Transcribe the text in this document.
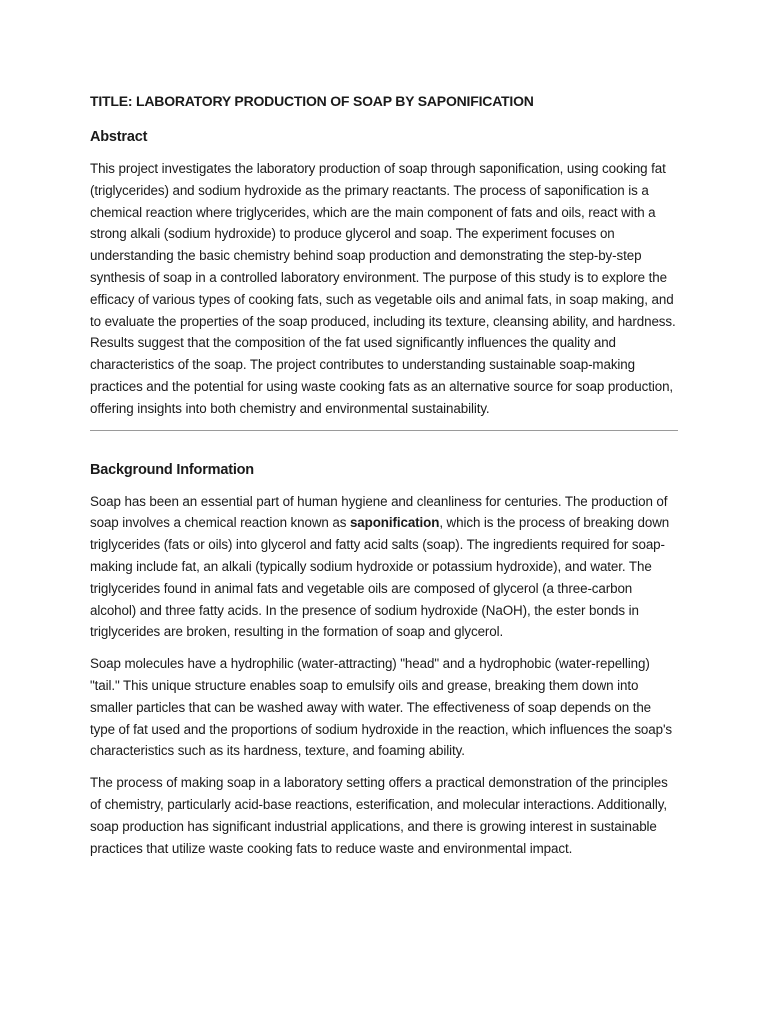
TITLE: LABORATORY PRODUCTION OF SOAP BY SAPONIFICATION
Abstract

This project investigates the laboratory production of soap through saponification, using cooking fat (triglycerides) and sodium hydroxide as the primary reactants. The process of saponification is a chemical reaction where triglycerides, which are the main component of fats and oils, react with a strong alkali (sodium hydroxide) to produce glycerol and soap. The experiment focuses on understanding the basic chemistry behind soap production and demonstrating the step-by-step synthesis of soap in a controlled laboratory environment. The purpose of this study is to explore the efficacy of various types of cooking fats, such as vegetable oils and animal fats, in soap making, and to evaluate the properties of the soap produced, including its texture, cleansing ability, and hardness. Results suggest that the composition of the fat used significantly influences the quality and characteristics of the soap. The project contributes to understanding sustainable soap-making practices and the potential for using waste cooking fats as an alternative source for soap production, offering insights into both chemistry and environmental sustainability.

Background Information

Soap has been an essential part of human hygiene and cleanliness for centuries. The production of soap involves a chemical reaction known as saponification, which is the process of breaking down triglycerides (fats or oils) into glycerol and fatty acid salts (soap). The ingredients required for soap-making include fat, an alkali (typically sodium hydroxide or potassium hydroxide), and water. The triglycerides found in animal fats and vegetable oils are composed of glycerol (a three-carbon alcohol) and three fatty acids. In the presence of sodium hydroxide (NaOH), the ester bonds in triglycerides are broken, resulting in the formation of soap and glycerol.

Soap molecules have a hydrophilic (water-attracting) "head" and a hydrophobic (water-repelling) "tail." This unique structure enables soap to emulsify oils and grease, breaking them down into smaller particles that can be washed away with water. The effectiveness of soap depends on the type of fat used and the proportions of sodium hydroxide in the reaction, which influences the soap's characteristics such as its hardness, texture, and foaming ability.

The process of making soap in a laboratory setting offers a practical demonstration of the principles of chemistry, particularly acid-base reactions, esterification, and molecular interactions. Additionally, soap production has significant industrial applications, and there is growing interest in sustainable practices that utilize waste cooking fats to reduce waste and environmental impact.
